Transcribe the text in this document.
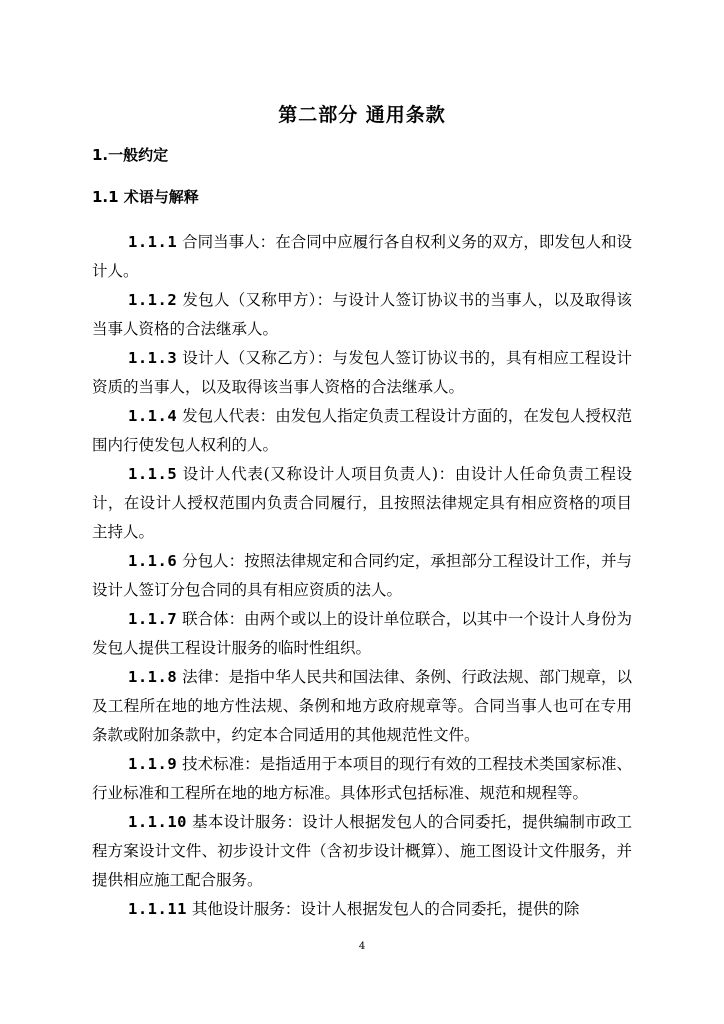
第二部分 通用条款
1.一般约定
1.1 术语与解释

1.1.1 合同当事人：在合同中应履行各自权利义务的双方，即发包人和设计人。

1.1.2 发包人（又称甲方）：与设计人签订协议书的当事人，以及取得该当事人资格的合法继承人。

1.1.3 设计人（又称乙方）：与发包人签订协议书的，具有相应工程设计资质的当事人，以及取得该当事人资格的合法继承人。

1.1.4 发包人代表：由发包人指定负责工程设计方面的，在发包人授权范围内行使发包人权利的人。

1.1.5 设计人代表(又称设计人项目负责人)：由设计人任命负责工程设计，在设计人授权范围内负责合同履行，且按照法律规定具有相应资格的项目主持人。

1.1.6 分包人：按照法律规定和合同约定，承担部分工程设计工作，并与设计人签订分包合同的具有相应资质的法人。

1.1.7 联合体：由两个或以上的设计单位联合，以其中一个设计人身份为发包人提供工程设计服务的临时性组织。

1.1.8 法律：是指中华人民共和国法律、条例、行政法规、部门规章，以及工程所在地的地方性法规、条例和地方政府规章等。合同当事人也可在专用条款或附加条款中，约定本合同适用的其他规范性文件。

1.1.9 技术标准：是指适用于本项目的现行有效的工程技术类国家标准、行业标准和工程所在地的地方标准。具体形式包括标准、规范和规程等。

1.1.10 基本设计服务：设计人根据发包人的合同委托，提供编制市政工程方案设计文件、初步设计文件（含初步设计概算）、施工图设计文件服务，并提供相应施工配合服务。

1.1.11 其他设计服务：设计人根据发包人的合同委托，提供的除

4
